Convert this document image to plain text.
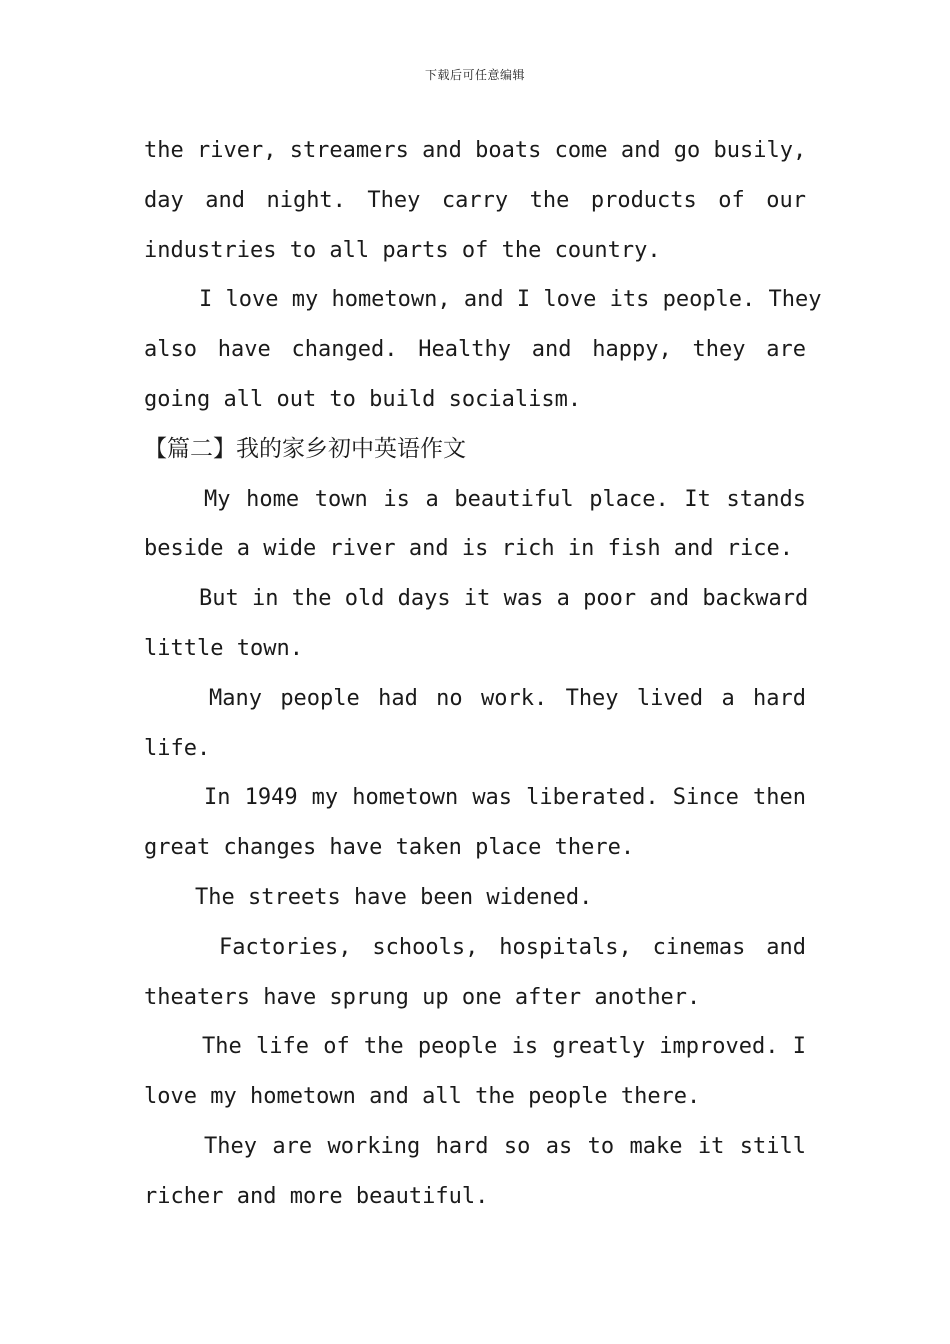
下载后可任意编辑
the river, streamers and boats come and go busily,
day and night. They carry the products of our
industries to all parts of the country.
I love my hometown, and I love its people. They
also have changed. Healthy and happy, they are
going all out to build socialism.
【篇二】我的家乡初中英语作文
My home town is a beautiful place. It stands
beside a wide river and is rich in fish and rice.
But in the old days it was a poor and backward
little town.
Many people had no work. They lived a hard
life.
In 1949 my hometown was liberated. Since then
great changes have taken place there.
The streets have been widened.
Factories, schools, hospitals, cinemas and
theaters have sprung up one after another.
The life of the people is greatly improved. I
love my hometown and all the people there.
They are working hard so as to make it still
richer and more beautiful.
